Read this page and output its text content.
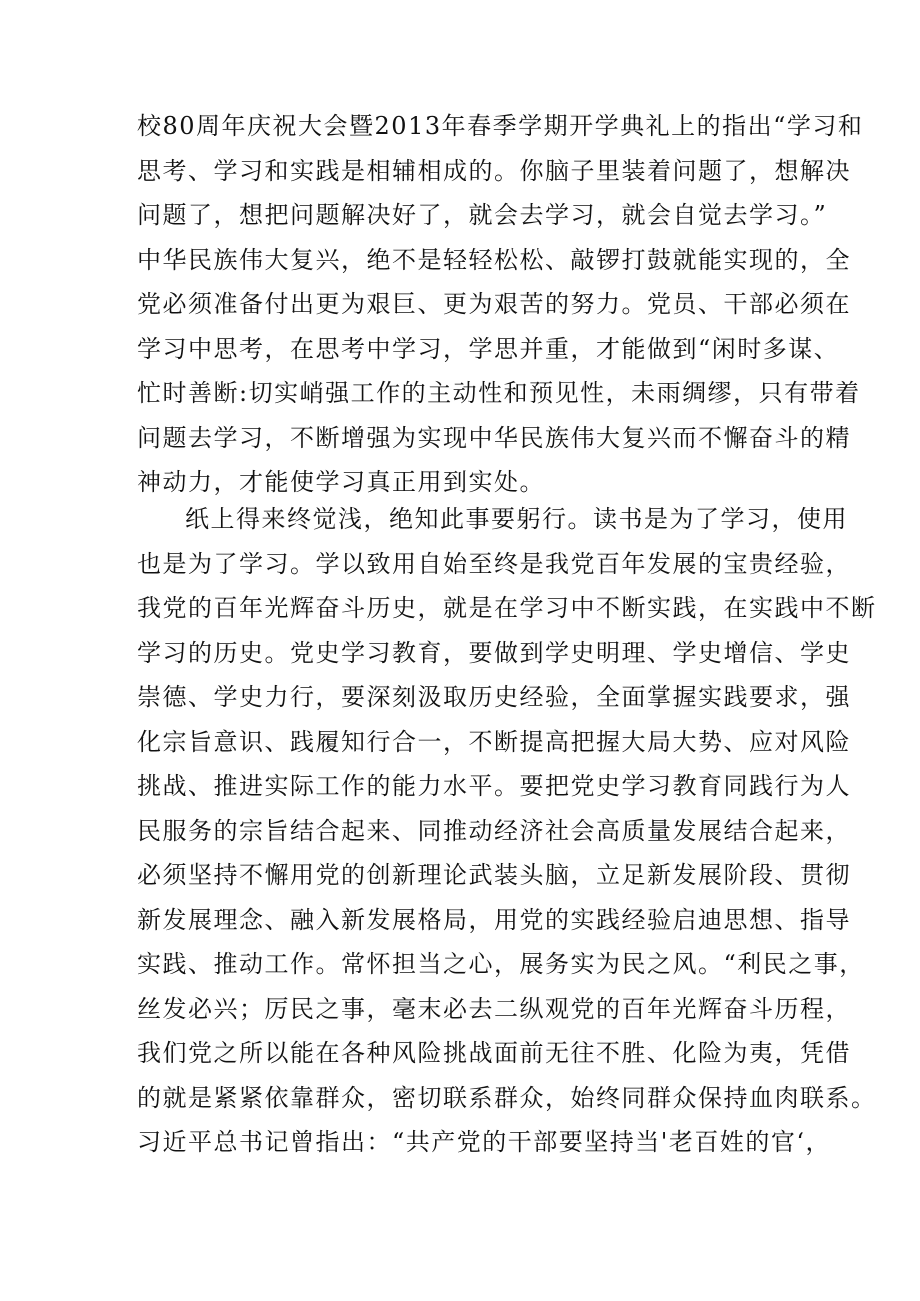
校80周年庆祝大会暨2013年春季学期开学典礼上的指出“学习和
思考、学习和实践是相辅相成的。你脑子里装着问题了，想解决
问题了，想把问题解决好了，就会去学习，就会自觉去学习。”
中华民族伟大复兴，绝不是轻轻松松、敲锣打鼓就能实现的，全
党必须准备付出更为艰巨、更为艰苦的努力。党员、干部必须在
学习中思考，在思考中学习，学思并重，才能做到“闲时多谋、
忙时善断:切实峭强工作的主动性和预见性，未雨绸缪，只有带着
问题去学习，不断增强为实现中华民族伟大复兴而不懈奋斗的精
神动力，才能使学习真正用到实处。
纸上得来终觉浅，绝知此事要躬行。读书是为了学习，使用
也是为了学习。学以致用自始至终是我党百年发展的宝贵经验，
我党的百年光辉奋斗历史，就是在学习中不断实践，在实践中不断
学习的历史。党史学习教育，要做到学史明理、学史增信、学史
崇德、学史力行，要深刻汲取历史经验，全面掌握实践要求，强
化宗旨意识、践履知行合一，不断提高把握大局大势、应对风险
挑战、推进实际工作的能力水平。要把党史学习教育同践行为人
民服务的宗旨结合起来、同推动经济社会高质量发展结合起来，
必须坚持不懈用党的创新理论武装头脑，立足新发展阶段、贯彻
新发展理念、融入新发展格局，用党的实践经验启迪思想、指导
实践、推动工作。常怀担当之心，展务实为民之风。“利民之事，
丝发必兴；厉民之事，毫末必去二纵观党的百年光辉奋斗历程，
我们党之所以能在各种风险挑战面前无往不胜、化险为夷，凭借
的就是紧紧依靠群众，密切联系群众，始终同群众保持血肉联系。
习近平总书记曾指出：“共产党的干部要坚持当'老百姓的官‘，
